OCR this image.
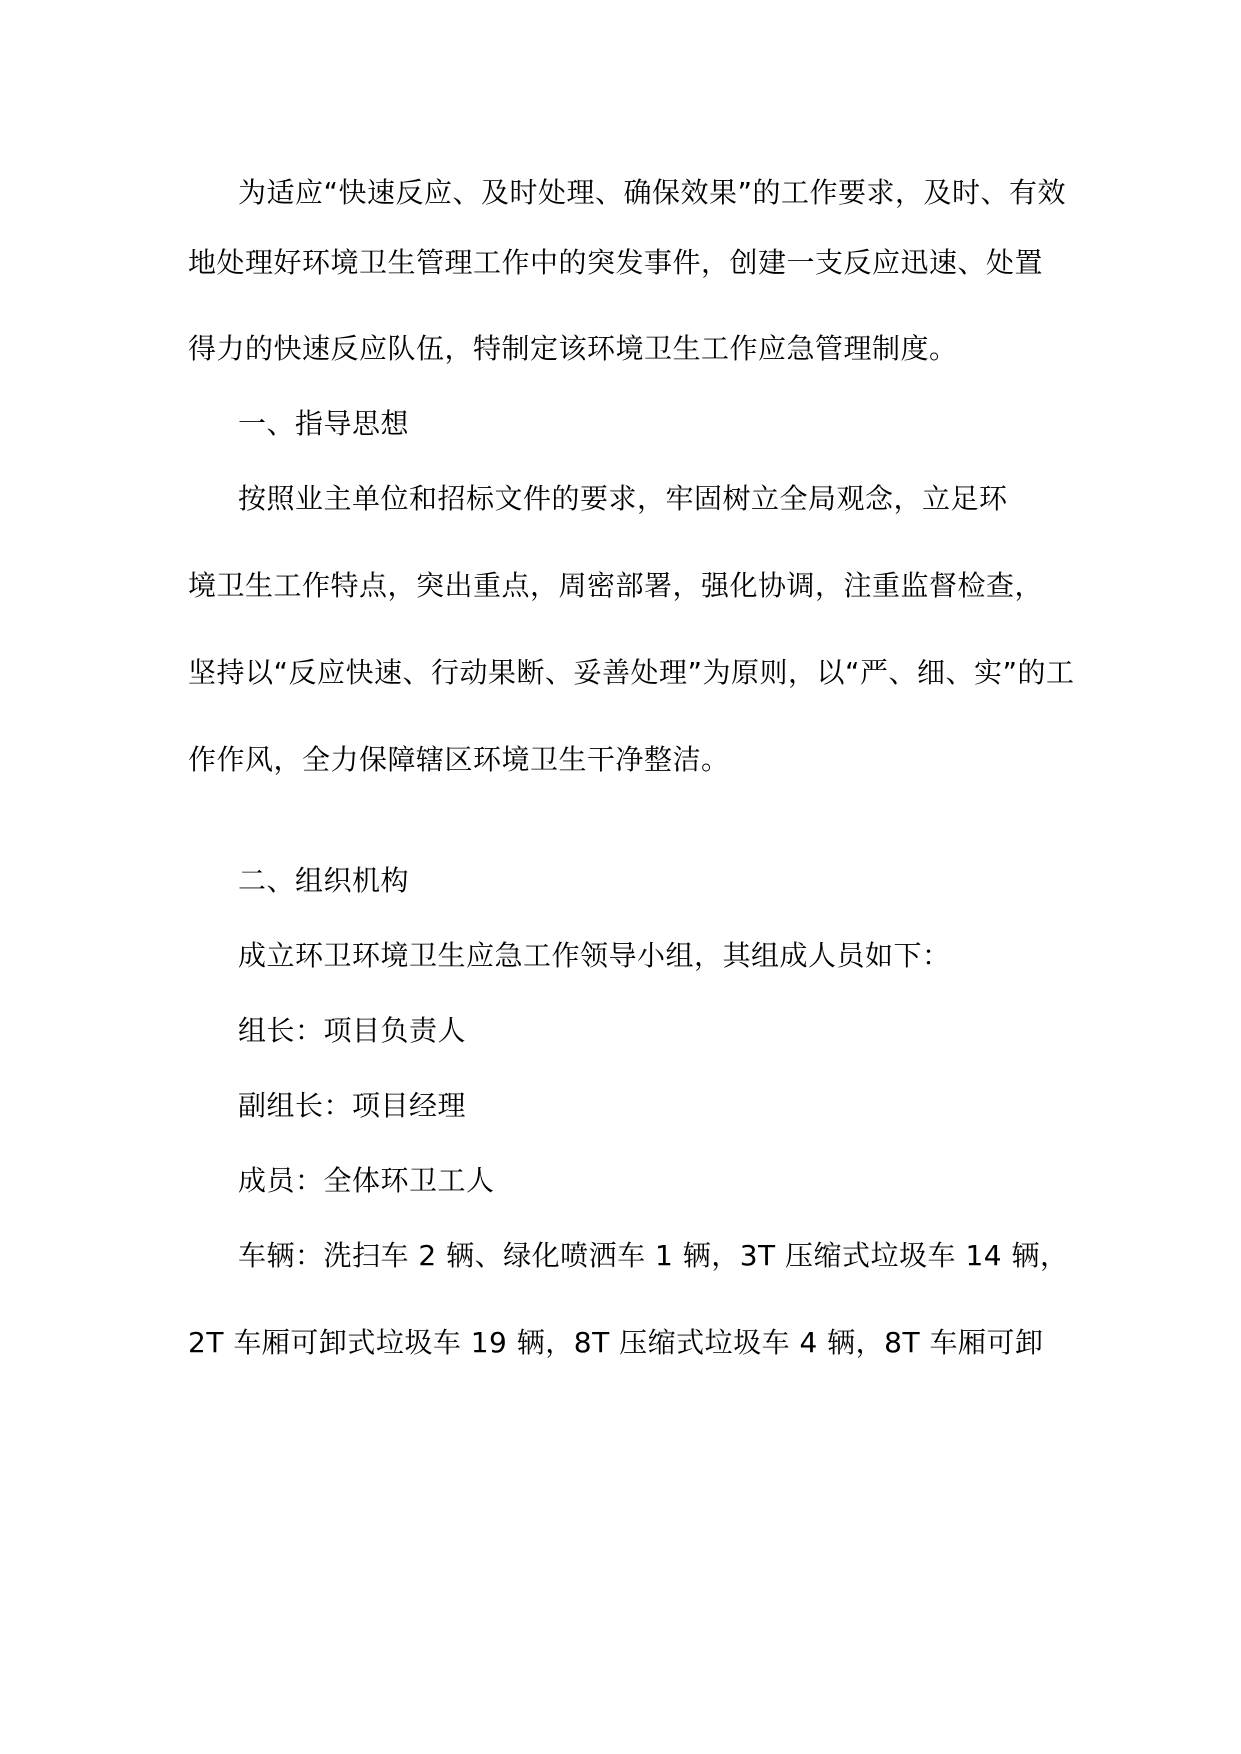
为适应“快速反应、及时处理、确保效果”的工作要求，及时、有效
地处理好环境卫生管理工作中的突发事件，创建一支反应迅速、处置
得力的快速反应队伍，特制定该环境卫生工作应急管理制度。
一、指导思想
按照业主单位和招标文件的要求，牢固树立全局观念，立足环
境卫生工作特点，突出重点，周密部署，强化协调，注重监督检查，
坚持以“反应快速、行动果断、妥善处理”为原则，以“严、细、实”的工
作作风，全力保障辖区环境卫生干净整洁。
二、组织机构
成立环卫环境卫生应急工作领导小组，其组成人员如下：
组长：项目负责人
副组长：项目经理
成员：全体环卫工人
车辆：洗扫车 2 辆、绿化喷洒车 1 辆，3T 压缩式垃圾车 14 辆，
2T 车厢可卸式垃圾车 19 辆，8T 压缩式垃圾车 4 辆，8T 车厢可卸
